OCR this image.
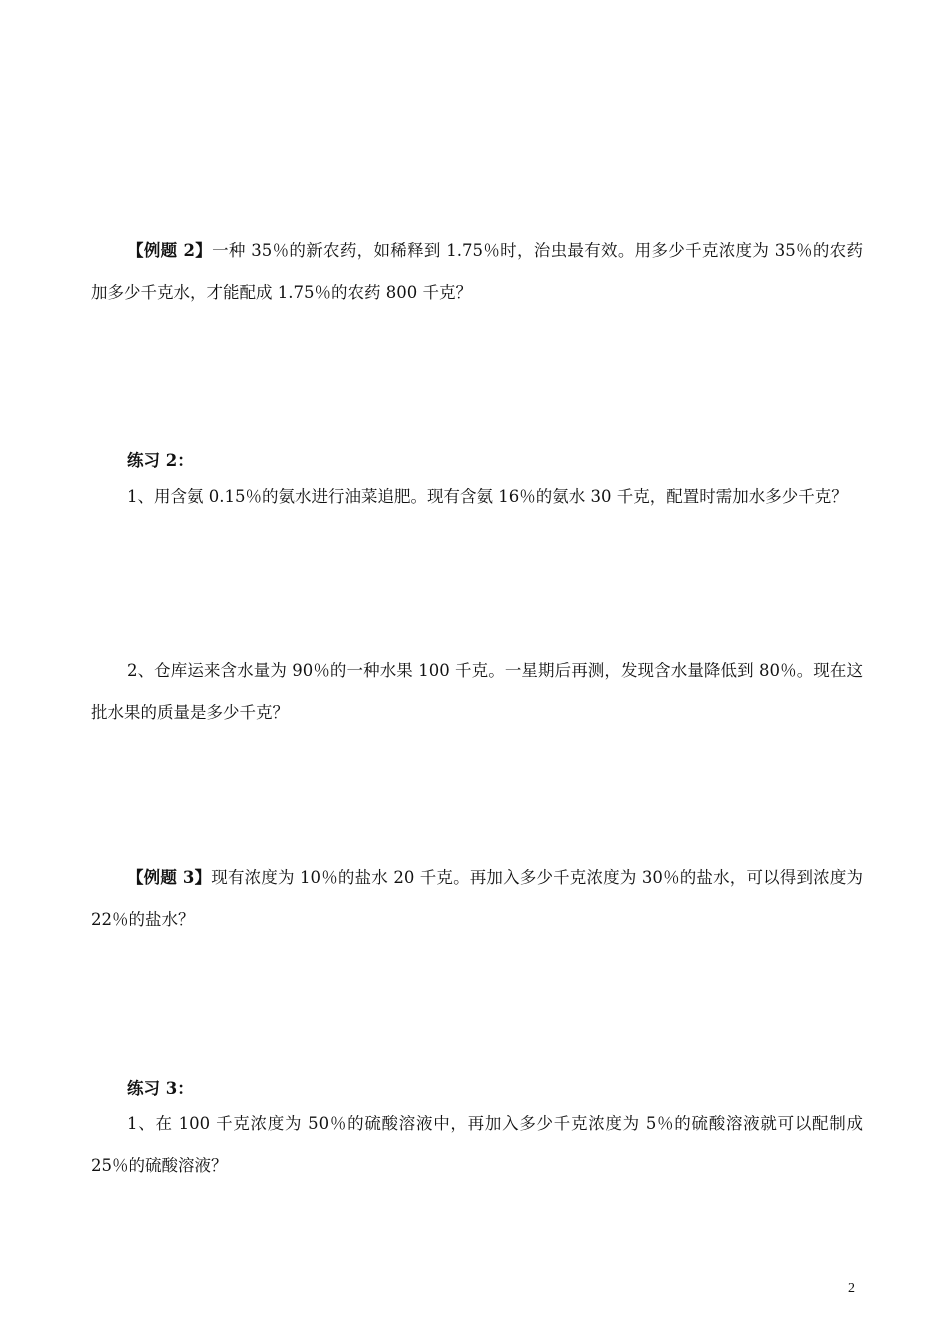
【例题 2】一种 35％的新农药，如稀释到 1.75％时，治虫最有效。用多少千克浓度为 35％的农药加多少千克水，才能配成 1.75％的农药 800 千克？

练习 2：

1、用含氨 0.15％的氨水进行油菜追肥。现有含氨 16％的氨水 30 千克，配置时需加水多少千克？

2、仓库运来含水量为 90％的一种水果 100 千克。一星期后再测，发现含水量降低到 80％。现在这批水果的质量是多少千克？

【例题 3】现有浓度为 10％的盐水 20 千克。再加入多少千克浓度为 30％的盐水，可以得到浓度为 22％的盐水？

练习 3：

1、在 100 千克浓度为 50％的硫酸溶液中，再加入多少千克浓度为 5％的硫酸溶液就可以配制成 25％的硫酸溶液？

2
